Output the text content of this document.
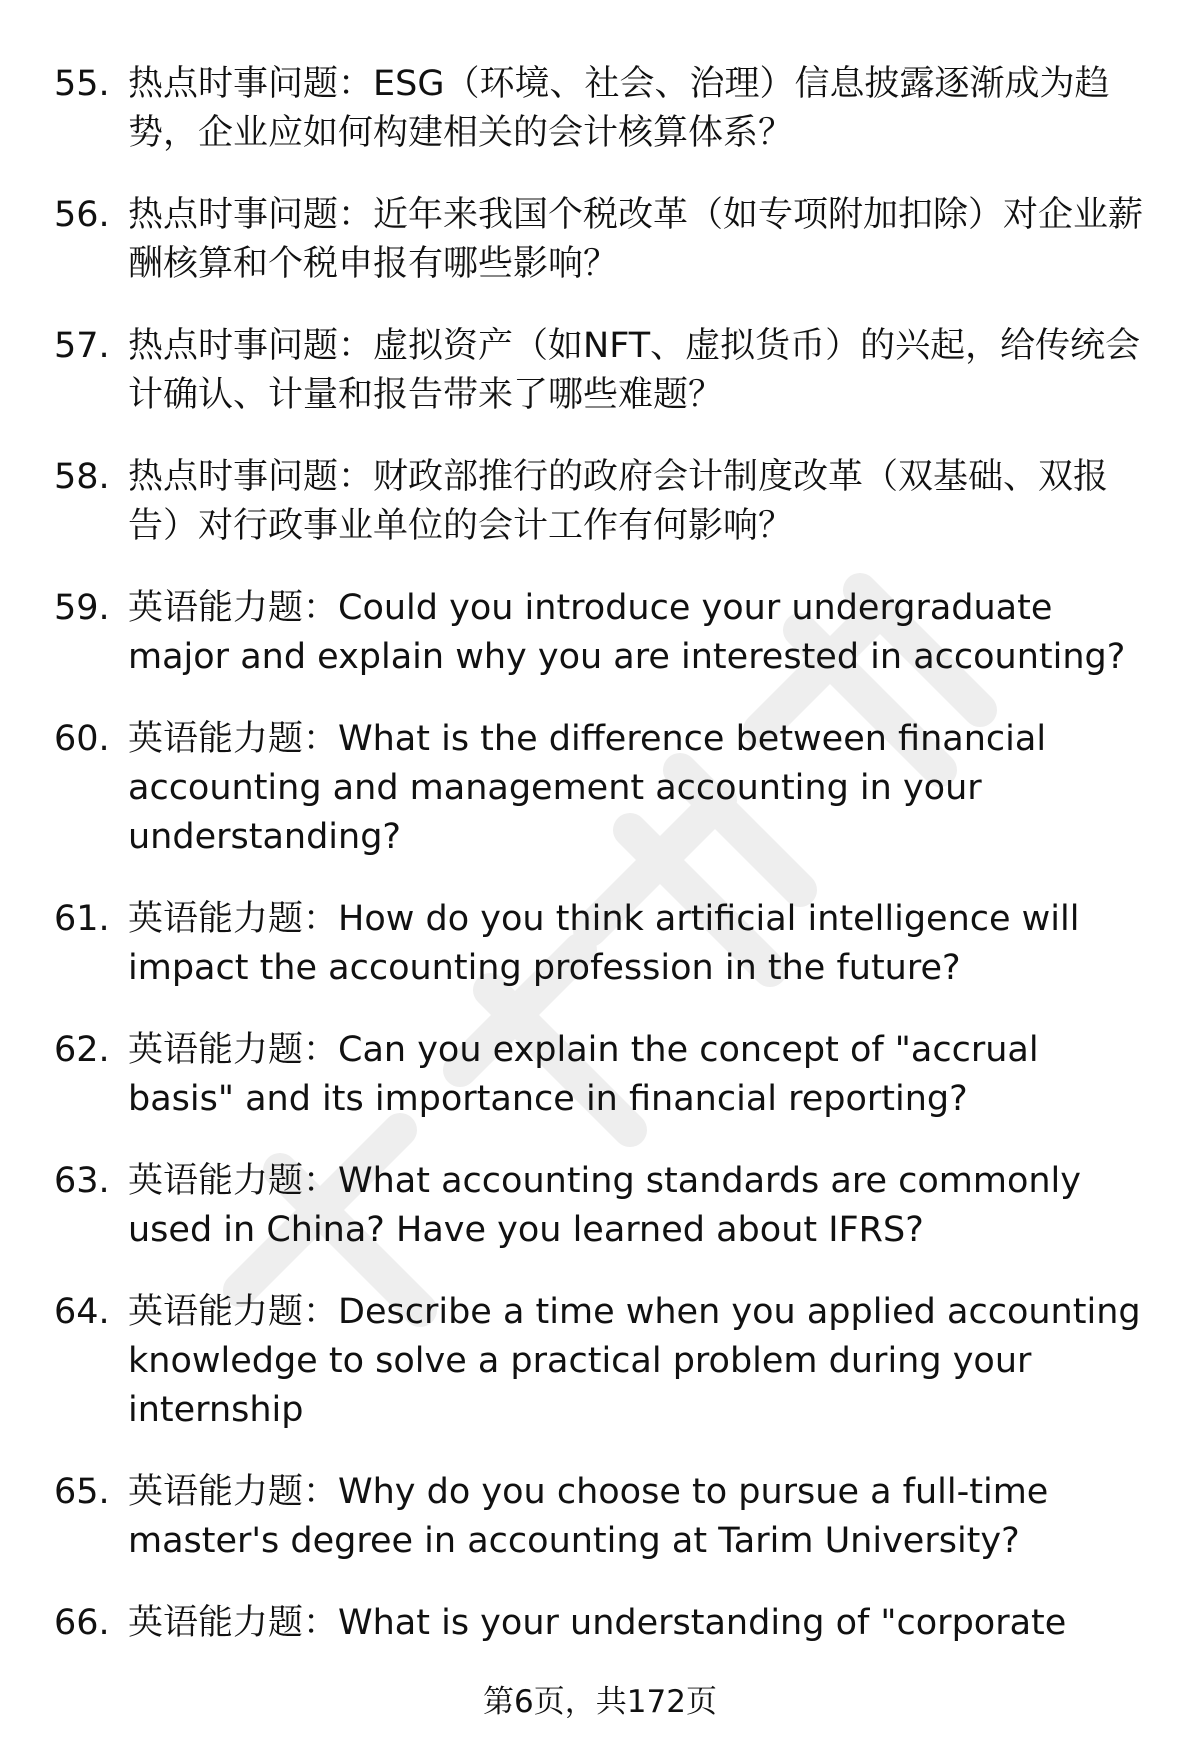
55. 热点时事问题：ESG（环境、社会、治理）信息披露逐渐成为趋势，企业应如何构建相关的会计核算体系？
56. 热点时事问题：近年来我国个税改革（如专项附加扣除）对企业薪酬核算和个税申报有哪些影响？
57. 热点时事问题：虚拟资产（如NFT、虚拟货币）的兴起，给传统会计确认、计量和报告带来了哪些难题？
58. 热点时事问题：财政部推行的政府会计制度改革（双基础、双报告）对行政事业单位的会计工作有何影响？
59. 英语能力题：Could you introduce your undergraduate major and explain why you are interested in accounting?
60. 英语能力题：What is the difference between financial accounting and management accounting in your understanding?
61. 英语能力题：How do you think artificial intelligence will impact the accounting profession in the future?
62. 英语能力题：Can you explain the concept of "accrual basis" and its importance in financial reporting?
63. 英语能力题：What accounting standards are commonly used in China? Have you learned about IFRS?
64. 英语能力题：Describe a time when you applied accounting knowledge to solve a practical problem during your internship
65. 英语能力题：Why do you choose to pursue a full-time master's degree in accounting at Tarim University?
66. 英语能力题：What is your understanding of "corporate
第6页，共172页
